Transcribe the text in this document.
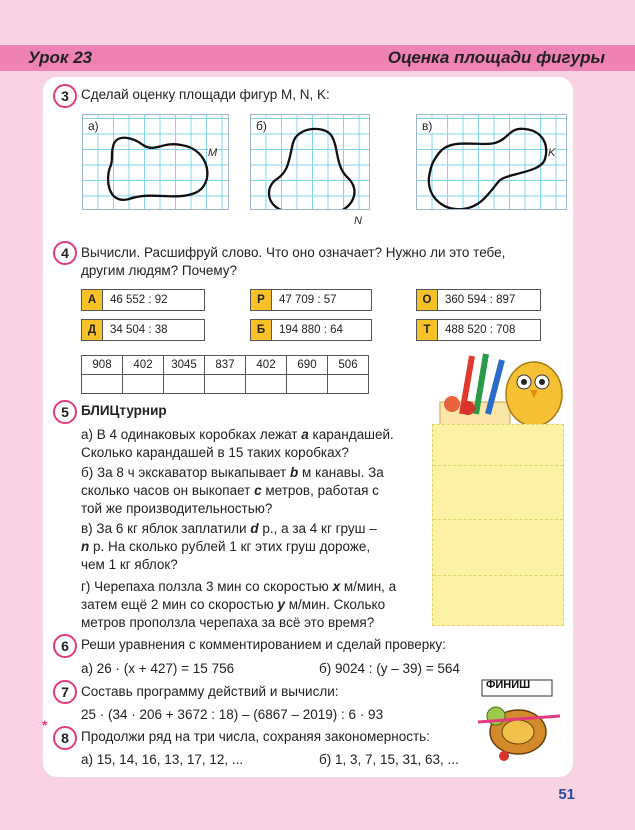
Урок 23	Оценка площади фигуры
3 Сделай оценку площади фигур M, N, K:
а)
M
б)
N
в)
K
4 Вычисли. Расшифруй слово. Что оно означает? Нужно ли это тебе,
другим людям? Почему?
А	46 552 : 92	Р	47 709 : 57	О	360 594 : 897
Д	34 504 : 38	Б	194 880 : 64	Т	488 520 : 708
908	402	3045	837	402	690	506

5 БЛИЦтурнир
а) В 4 одинаковых коробках лежат а карандашей.
Сколько карандашей в 15 таких коробках?
б) За 8 ч экскаватор выкапывает b м канавы. За
сколько часов он выкопает c метров, работая с
той же производительностью?
в) За 6 кг яблок заплатили d р., а за 4 кг груш –
n р. На сколько рублей 1 кг этих груш дороже,
чем 1 кг яблок?
г) Черепаха ползла 3 мин со скоростью x м/мин, а
затем ещё 2 мин со скоростью y м/мин. Сколько
метров проползла черепаха за всё это время?
6 Реши уравнения с комментированием и сделай проверку:
а) 26 · (x + 427) = 15 756	б) 9024 : (y – 39) = 564
7 Составь программу действий и вычисли:
25 · (34 · 206 + 3672 : 18) – (6867 – 2019) : 6 · 93
ФИНИШ
8
*
Продолжи ряд на три числа, сохраняя закономерность:
а) 15, 14, 16, 13, 17, 12, ...	б) 1, 3, 7, 15, 31, 63, ...
51
